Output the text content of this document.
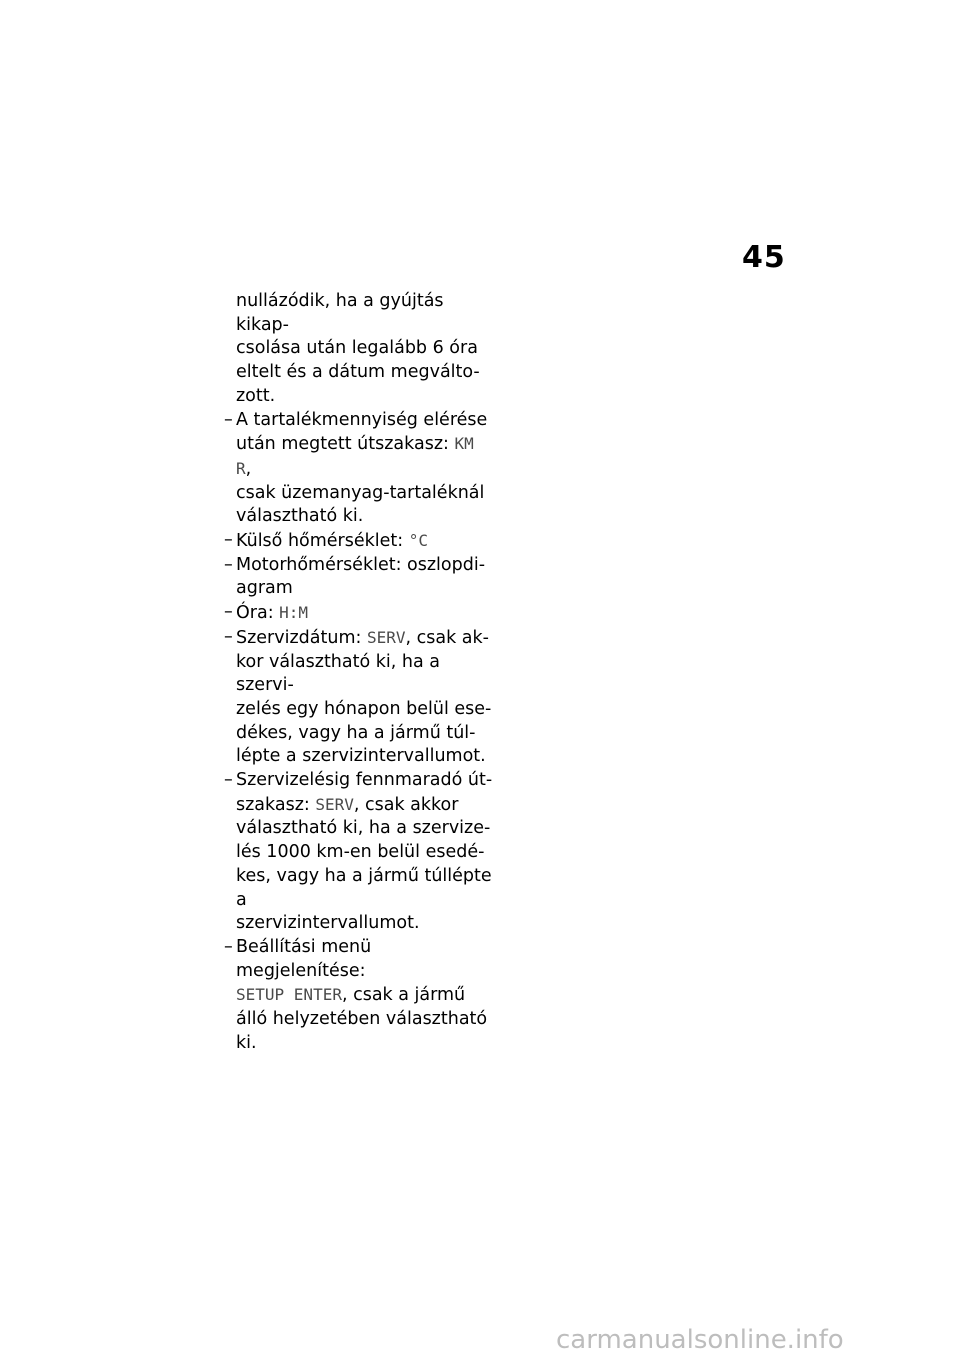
45

nullázódik, ha a gyújtás kikap-

csolása után legalább 6 óra

eltelt és a dátum megválto-

zott.

– A tartalékmennyiség elérése

után megtett útszakasz: KM R,

csak üzemanyag-tartaléknál

választható ki.

– Külső hőmérséklet: °C

– Motorhőmérséklet: oszlopdi-

agram

– Óra: H:M

– Szervizdátum: SERV, csak ak-

kor választható ki, ha a szervi-

zelés egy hónapon belül ese-

dékes, vagy ha a jármű túl-

lépte a szervizintervallumot.

– Szervizelésig fennmaradó út-

szakasz: SERV, csak akkor

választható ki, ha a szervize-

lés 1000 km-en belül esedé-

kes, vagy ha a jármű túllépte a

szervizintervallumot.

– Beállítási menü megjelenítése:

SETUP ENTER, csak a jármű

álló helyzetében választható ki.

carmanualsonline.info
